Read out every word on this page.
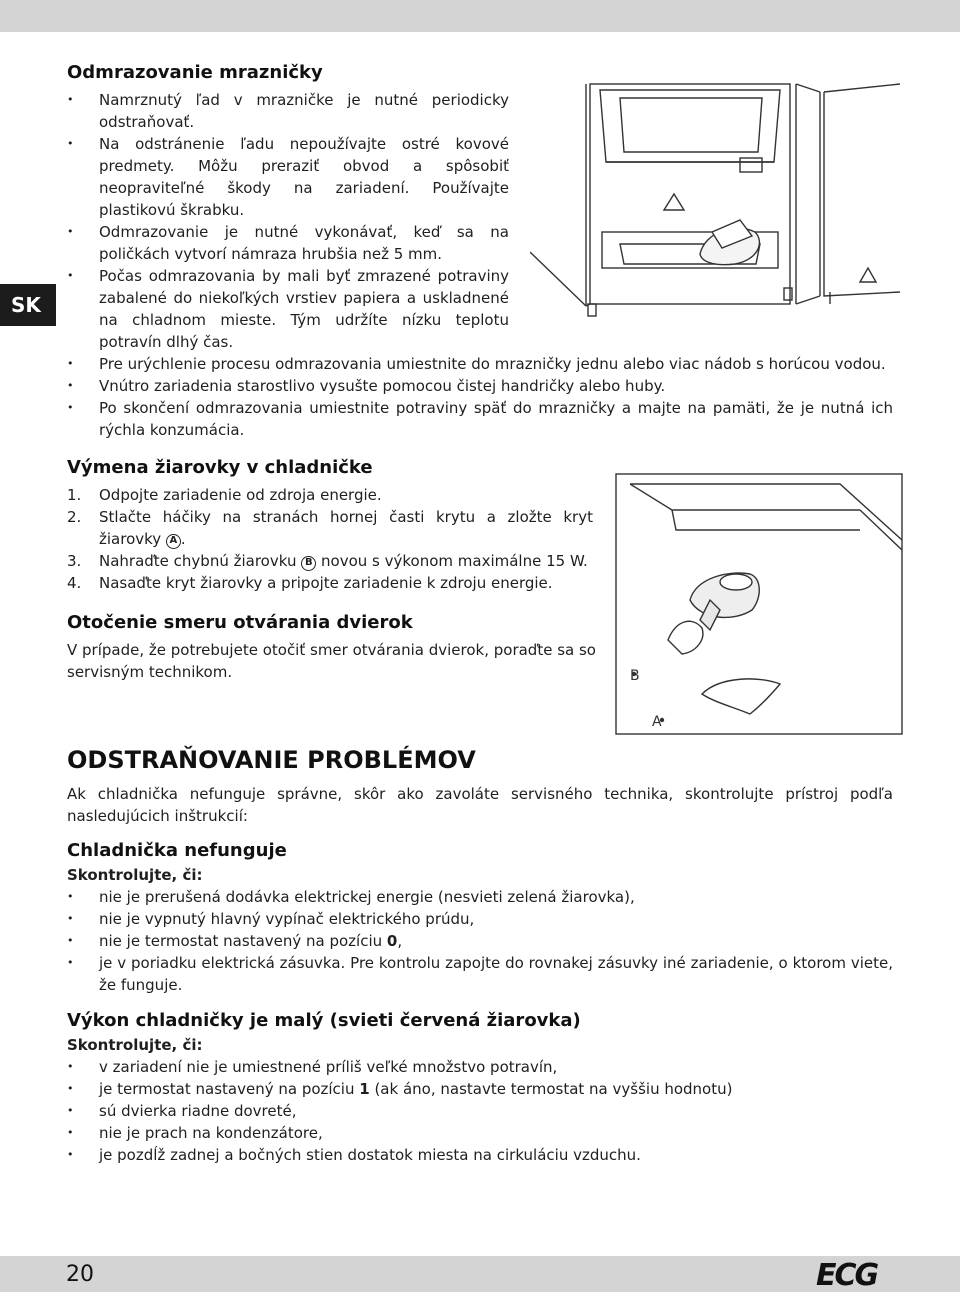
SK
Odmrazovanie mrazničky
• Namrznutý ľad v mrazničke je nutné periodicky odstraňovať.
• Na odstránenie ľadu nepoužívajte ostré kovové predmety. Môžu preraziť obvod a spôsobiť neopraviteľné škody na zariadení. Používajte plastikovú škrabku.
• Odmrazovanie je nutné vykonávať, keď sa na poličkách vytvorí námraza hrubšia než 5 mm.
• Počas odmrazovania by mali byť zmrazené potraviny zabalené do niekoľkých vrstiev papiera a uskladnené na chladnom mieste. Tým udržíte nízku teplotu potravín dlhý čas.
• Pre urýchlenie procesu odmrazovania umiestnite do mrazničky jednu alebo viac nádob s horúcou vodou.
• Vnútro zariadenia starostlivo vysušte pomocou čistej handričky alebo huby.
• Po skončení odmrazovania umiestnite potraviny späť do mrazničky a majte na pamäti, že je nutná ich rýchla konzumácia.
Výmena žiarovky v chladničke
1. Odpojte zariadenie od zdroja energie.
2. Stlačte háčiky na stranách hornej časti krytu a zložte kryt žiarovky A .
3. Nahraďte chybnú žiarovku B novou s výkonom maximálne 15 W.
4. Nasaďte kryt žiarovky a pripojte zariadenie k zdroju energie.
B
A
Otočenie smeru otvárania dvierok
V prípade, že potrebujete otočiť smer otvárania dvierok, poraďte sa so servisným technikom.
ODSTRAŇOVANIE PROBLÉMOV
Ak chladnička nefunguje správne, skôr ako zavoláte servisného technika, skontrolujte prístroj podľa nasledujúcich inštrukcií:
Chladnička nefunguje
Skontrolujte, či:
• nie je prerušená dodávka elektrickej energie (nesvieti zelená žiarovka),
• nie je vypnutý hlavný vypínač elektrického prúdu,
• nie je termostat nastavený na pozíciu 0,
• je v poriadku elektrická zásuvka. Pre kontrolu zapojte do rovnakej zásuvky iné zariadenie, o ktorom viete, že funguje.
Výkon chladničky je malý (svieti červená žiarovka)
Skontrolujte, či:
• v zariadení nie je umiestnené príliš veľké množstvo potravín,
• je termostat nastavený na pozíciu 1 (ak áno, nastavte termostat na vyššiu hodnotu)
• sú dvierka riadne dovreté,
• nie je prach na kondenzátore,
• je pozdĺž zadnej a bočných stien dostatok miesta na cirkuláciu vzduchu.
20	ECG
